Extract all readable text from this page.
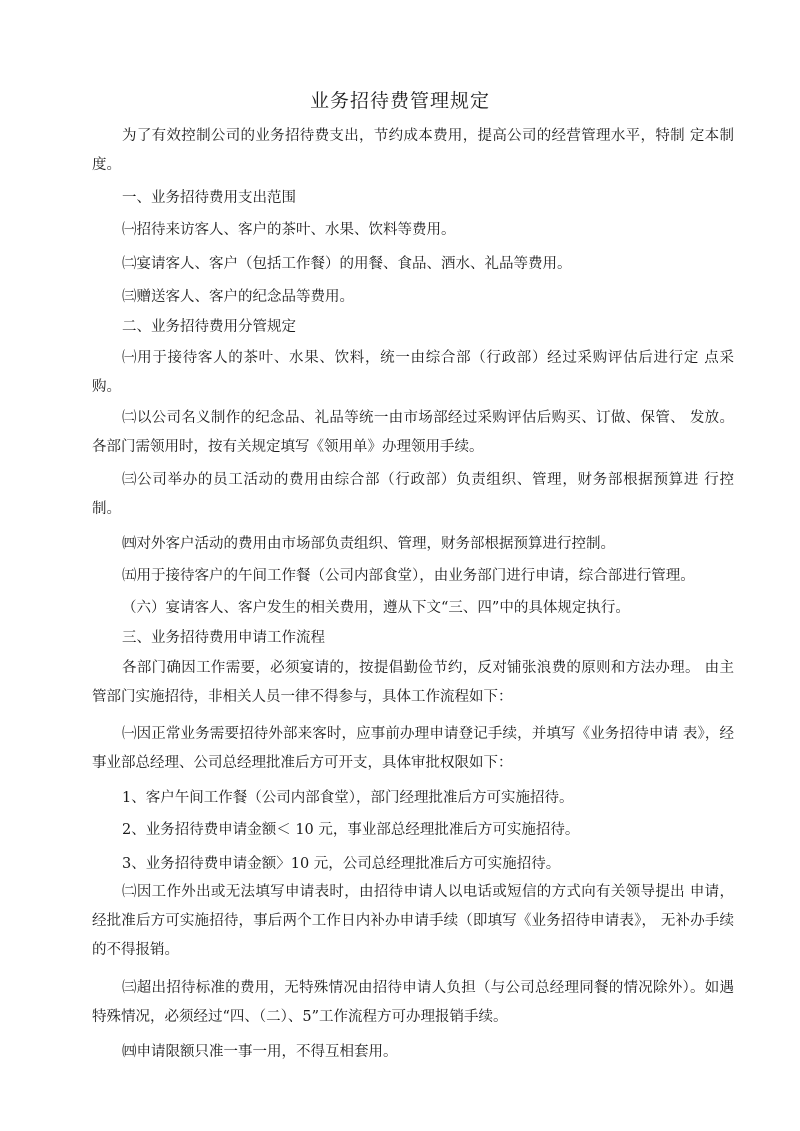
业务招待费管理规定

为了有效控制公司的业务招待费支出，节约成本费用，提高公司的经营管理水平，特制 定本制度。

一、业务招待费用支出范围

㈠招待来访客人、客户的茶叶、水果、饮料等费用。

㈡宴请客人、客户（包括工作餐）的用餐、食品、酒水、礼品等费用。

㈢赠送客人、客户的纪念品等费用。

二、业务招待费用分管规定

㈠用于接待客人的茶叶、水果、饮料，统一由综合部（行政部）经过采购评估后进行定 点采购。

㈡以公司名义制作的纪念品、礼品等统一由市场部经过采购评估后购买、订做、保管、 发放。各部门需领用时，按有关规定填写《领用单》办理领用手续。

㈢公司举办的员工活动的费用由综合部（行政部）负责组织、管理，财务部根据预算进 行控制。

㈣对外客户活动的费用由市场部负责组织、管理，财务部根据预算进行控制。

㈤用于接待客户的午间工作餐（公司内部食堂），由业务部门进行申请，综合部进行管理。

（六）宴请客人、客户发生的相关费用，遵从下文“三、四”中的具体规定执行。

三、业务招待费用申请工作流程

各部门确因工作需要，必须宴请的，按提倡勤俭节约，反对铺张浪费的原则和方法办理。 由主管部门实施招待，非相关人员一律不得参与，具体工作流程如下：

㈠因正常业务需要招待外部来客时，应事前办理申请登记手续，并填写《业务招待申请 表》，经事业部总经理、公司总经理批准后方可开支，具体审批权限如下：

1、客户午间工作餐（公司内部食堂），部门经理批准后方可实施招待。

2、业务招待费申请金额＜ 10 元，事业部总经理批准后方可实施招待。

3、业务招待费申请金额〉10 元，公司总经理批准后方可实施招待。

㈡因工作外出或无法填写申请表时，由招待申请人以电话或短信的方式向有关领导提出 申请，经批准后方可实施招待，事后两个工作日内补办申请手续（即填写《业务招待申请表》， 无补办手续的不得报销。

㈢超出招待标准的费用，无特殊情况由招待申请人负担（与公司总经理同餐的情况除外）。如遇特殊情况，必须经过“四、（二）、5”工作流程方可办理报销手续。

㈣申请限额只准一事一用，不得互相套用。
